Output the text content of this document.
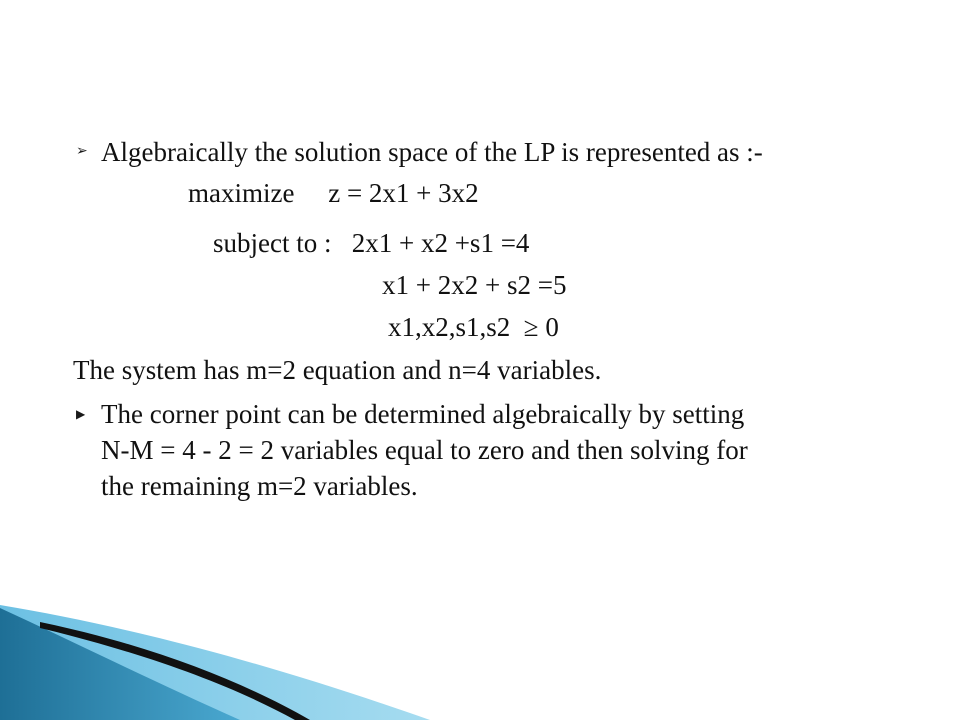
➢ Algebraically the solution space of the LP is represented as :-
maximize     z = 2x1 + 3x2
subject to :   2x1 + x2 +s1 =4
x1 + 2x2 + s2 =5
x1,x2,s1,s2  ≥ 0
The system has m=2 equation and n=4 variables.
▶ The corner point can be determined algebraically by setting
N-M = 4 - 2 = 2 variables equal to zero and then solving for
the remaining m=2 variables.
